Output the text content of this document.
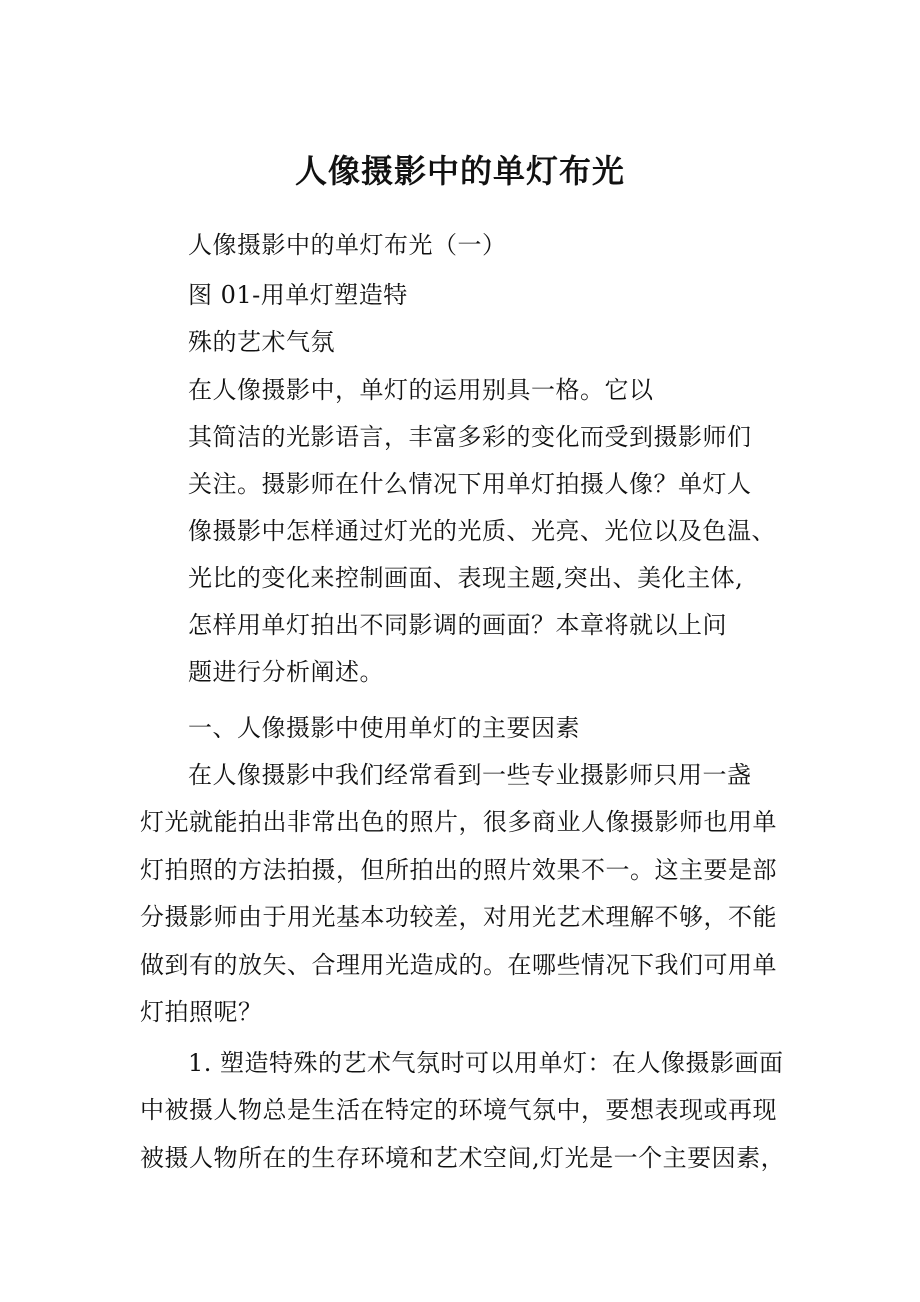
人像摄影中的单灯布光
人像摄影中的单灯布光（一）
图 01-用单灯塑造特
殊的艺术气氛
在人像摄影中，单灯的运用别具一格。它以
其简洁的光影语言，丰富多彩的变化而受到摄影师们
关注。摄影师在什么情况下用单灯拍摄人像？单灯人
像摄影中怎样通过灯光的光质、光亮、光位以及色温、
光比的变化来控制画面、表现主题,突出、美化主体,
怎样用单灯拍出不同影调的画面？本章将就以上问
题进行分析阐述。
一、人像摄影中使用单灯的主要因素
在人像摄影中我们经常看到一些专业摄影师只用一盏
灯光就能拍出非常出色的照片，很多商业人像摄影师也用单
灯拍照的方法拍摄，但所拍出的照片效果不一。这主要是部
分摄影师由于用光基本功较差，对用光艺术理解不够，不能
做到有的放矢、合理用光造成的。在哪些情况下我们可用单
灯拍照呢？
1. 塑造特殊的艺术气氛时可以用单灯：在人像摄影画面
中被摄人物总是生活在特定的环境气氛中，要想表现或再现
被摄人物所在的生存环境和艺术空间,灯光是一个主要因素，
